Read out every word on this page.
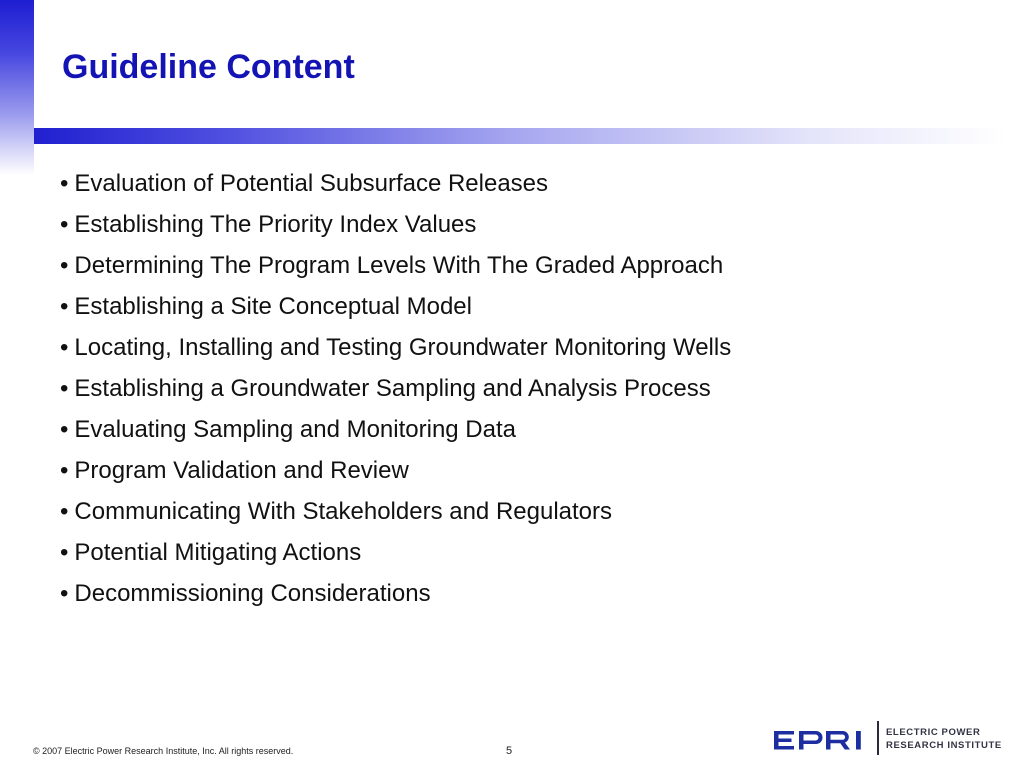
Guideline Content
• Evaluation of Potential Subsurface Releases
• Establishing The Priority Index Values
• Determining The Program Levels With The Graded Approach
• Establishing a Site Conceptual Model
• Locating, Installing and Testing Groundwater Monitoring Wells
• Establishing a Groundwater Sampling and Analysis Process
• Evaluating Sampling and Monitoring Data
• Program Validation and Review
• Communicating With Stakeholders and Regulators
• Potential Mitigating Actions
• Decommissioning Considerations
© 2007 Electric Power Research Institute, Inc. All rights reserved.	5
ELECTRIC POWER
RESEARCH INSTITUTE
